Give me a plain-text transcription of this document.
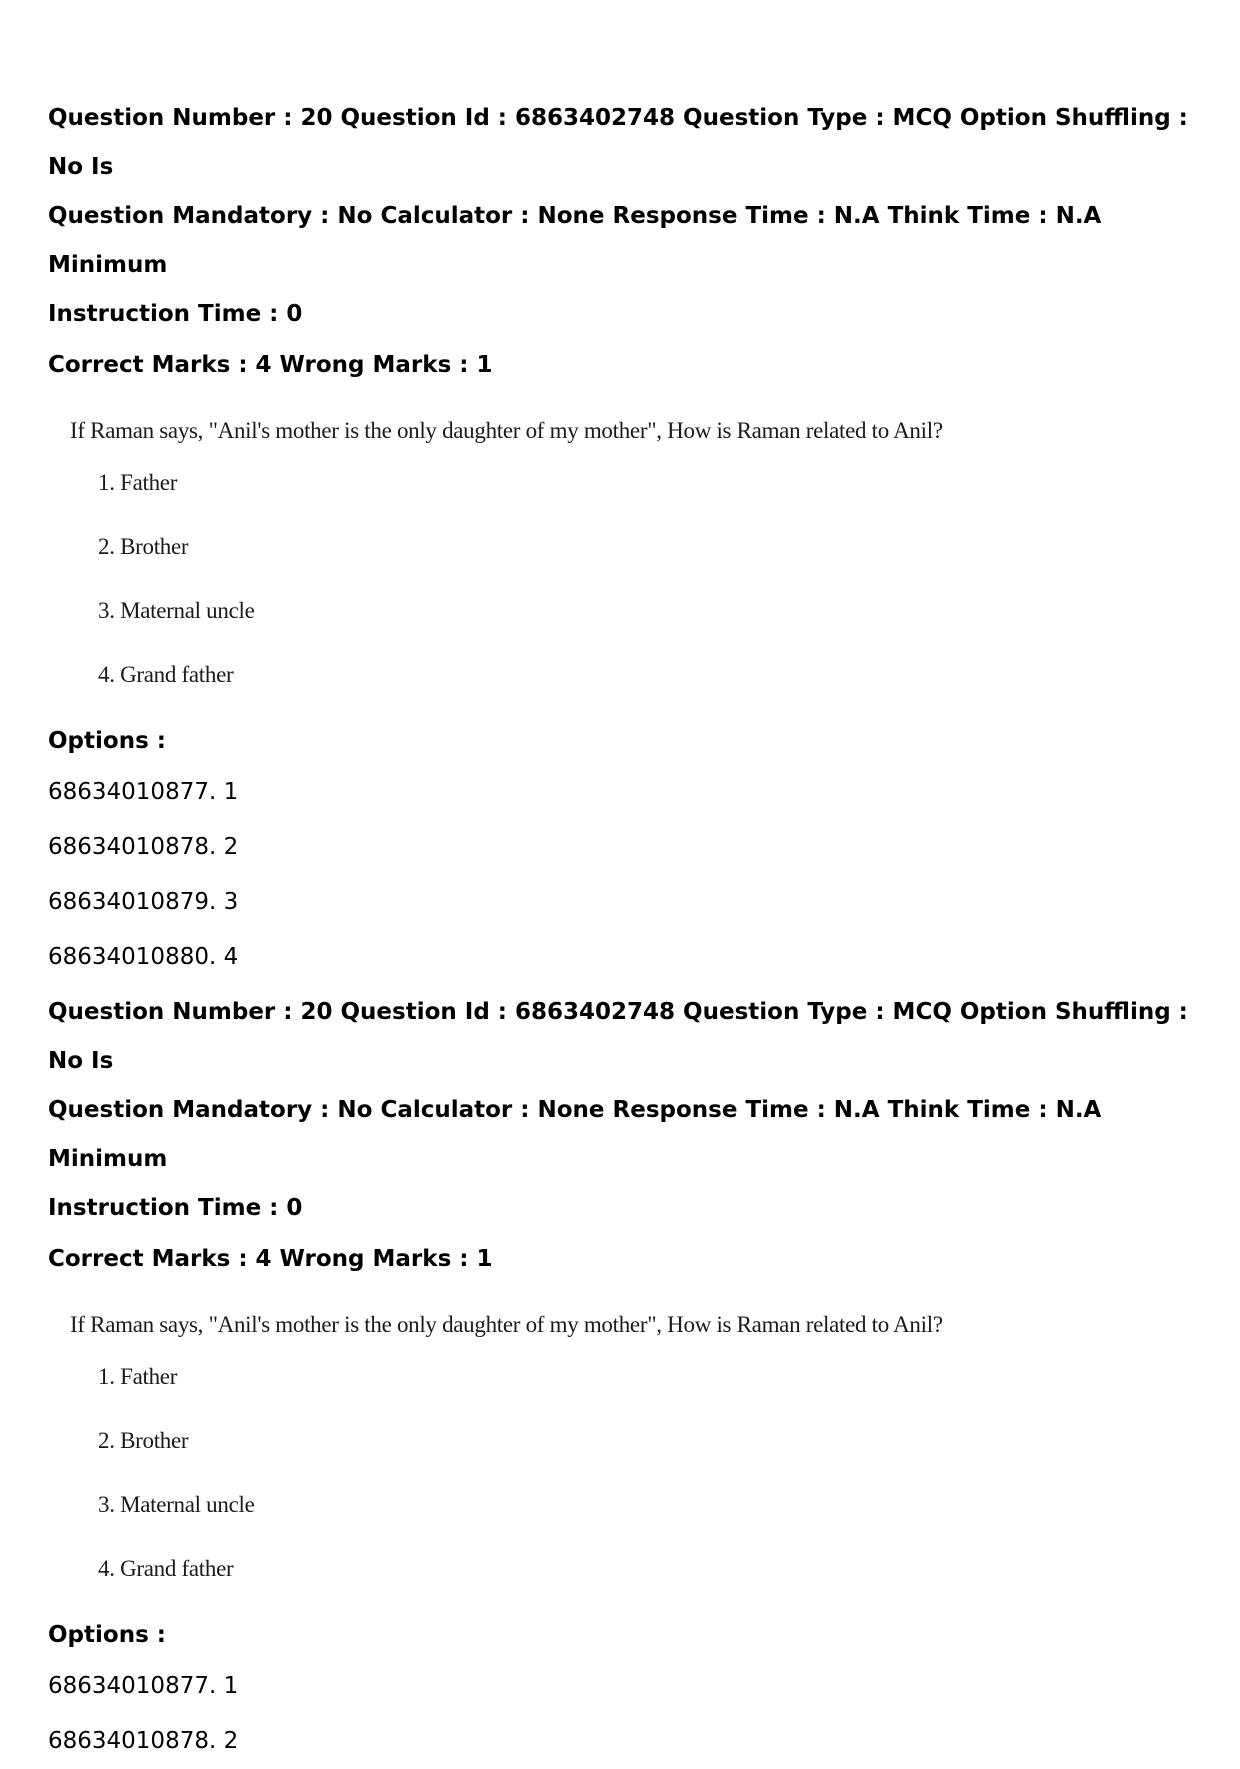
Question Number : 20 Question Id : 6863402748 Question Type : MCQ Option Shuffling : No Is

Question Mandatory : No Calculator : None Response Time : N.A Think Time : N.A Minimum

Instruction Time : 0

Correct Marks : 4 Wrong Marks : 1

If Raman says, "Anil's mother is the only daughter of my mother", How is Raman related to Anil?
1. Father
2. Brother
3. Maternal uncle
4. Grand father

Options :

68634010877. 1

68634010878. 2

68634010879. 3

68634010880. 4

Question Number : 20 Question Id : 6863402748 Question Type : MCQ Option Shuffling : No Is

Question Mandatory : No Calculator : None Response Time : N.A Think Time : N.A Minimum

Instruction Time : 0

Correct Marks : 4 Wrong Marks : 1

If Raman says, "Anil's mother is the only daughter of my mother", How is Raman related to Anil?
1. Father
2. Brother
3. Maternal uncle
4. Grand father

Options :

68634010877. 1

68634010878. 2
